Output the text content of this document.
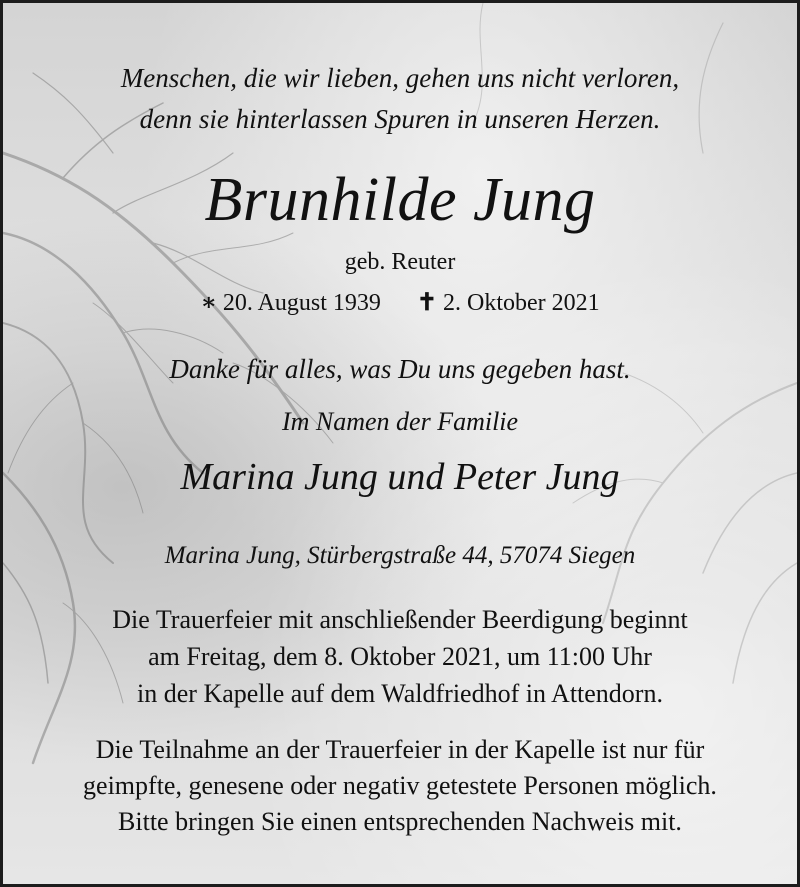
Menschen, die wir lieben, gehen uns nicht verloren,
denn sie hinterlassen Spuren in unseren Herzen.
Brunhilde Jung
geb. Reuter
∗ 20. August 1939 ✝ 2. Oktober 2021
Danke für alles, was Du uns gegeben hast.
Im Namen der Familie
Marina Jung und Peter Jung
Marina Jung, Stürbergstraße 44, 57074 Siegen
Die Trauerfeier mit anschließender Beerdigung beginnt
am Freitag, dem 8. Oktober 2021, um 11:00 Uhr
in der Kapelle auf dem Waldfriedhof in Attendorn.
Die Teilnahme an der Trauerfeier in der Kapelle ist nur für
geimpfte, genesene oder negativ getestete Personen möglich.
Bitte bringen Sie einen entsprechenden Nachweis mit.
